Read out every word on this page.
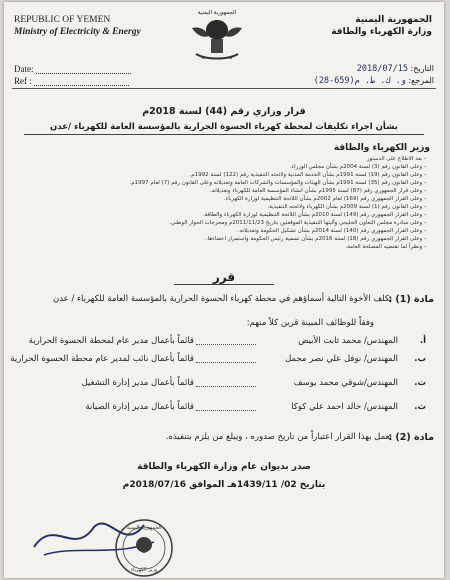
REPUBLIC OF YEMEN
Ministry of Electricity & Energy
الجمهورية اليمنية
الجمهورية اليمنية
وزارة الكهرباء والطاقة
Date:
Ref :
التاريخ: 2018/07/15
المرجع: و. ك. ط. م(659-28)
قرار وزاري رقم (44) لسنة 2018م
بشأن اجراء تكليفات لمحطة كهرباء الحسوة الحرارية بالمؤسسة العامة للكهرباء /عدن
وزير الكهرباء والطاقة
- بعد الاطلاع على الدستور
- وعلى القانون رقم (3) لسنة 2004م بشأن مجلس الوزراء.
- وعلى القانون رقم (19) لسنة 1991م بشأن الخدمة المدنية ولائحته التنفيذية رقم (122) لسنة 1992م.
- وعلى القانون رقم (35) لسنة 1991م بشأن الهيئات والمؤسسات والشركات العامة وتعديلاته وعلى القانون رقم (7) لعام 1997م.
- وعلى قرار الجمهوري رقم (87) لسنة 1995م بشأن انشاء المؤسسة العامة للكهرباء وتعديلاته.
- وعلى القرار الجمهوري رقم (169) لعام 2002م بشأن اللائحة التنظيمية لوزارة الكهرباء.
- وعلى القانون رقم (1) لسنة 2009م بشأن الكهرباء ولائحته التنفيذية.
- وعلى القرار الجمهوري رقم (149) لسنة 2010م بشأن اللائحة التنظيمية لوزارة الكهرباء والطاقة.
- وعلى مبادرة مجلس التعاون الخليجي وآليتها التنفيذية الموقعتين بتاريخ 2011/11/23م ومخرجات الحوار الوطني.
- وعلى القرار الجمهوري رقم (140) لسنة 2014م بشأن تشكيل الحكومة وتعديلاته.
- وعلى القرار الجمهوري رقم (18) لسنة 2016م بشأن تسمية رئيس الحكومة واستمرار اعضاءها.
- ونظراً لما تقتضيه المصلحة العامة.
قرر
مادة (1) :
يكلف الأخوة التالية أسماؤهم في محطة كهرباء الحسوة الحرارية بالمؤسسة العامة للكهرباء / عدن
وفقاً للوظائف المبينة قرين كلاً منهم:
أ.
المهندس/ محمد ثابت الأبيض
قائماً بأعمال مدير عام لمحطة الحسوة الحرارية
ب.
المهندس/ نوفل علي نصر مجمل
قائماً بأعمال نائب لمدير عام محطة الحسوة الحرارية
ت.
المهندس/شوقي محمد يوسف
قائماً بأعمال مدير إدارة التشغيل
ث.
المهندس/ خالد احمد علي كوكا
قائماً بأعمال مدير إدارة الصيانة
مادة (2) :
يعمل بهذا القرار اعتباراً من تاريخ صدوره ، ويبلغ من يلزم بتنفيذه.
صدر بديوان عام وزارة الكهرباء والطاقة
بتاريخ 02/ 1439/11هـ الموافق 2018/07/16م
الجمهورية اليمنية
وزير الكهرباء
